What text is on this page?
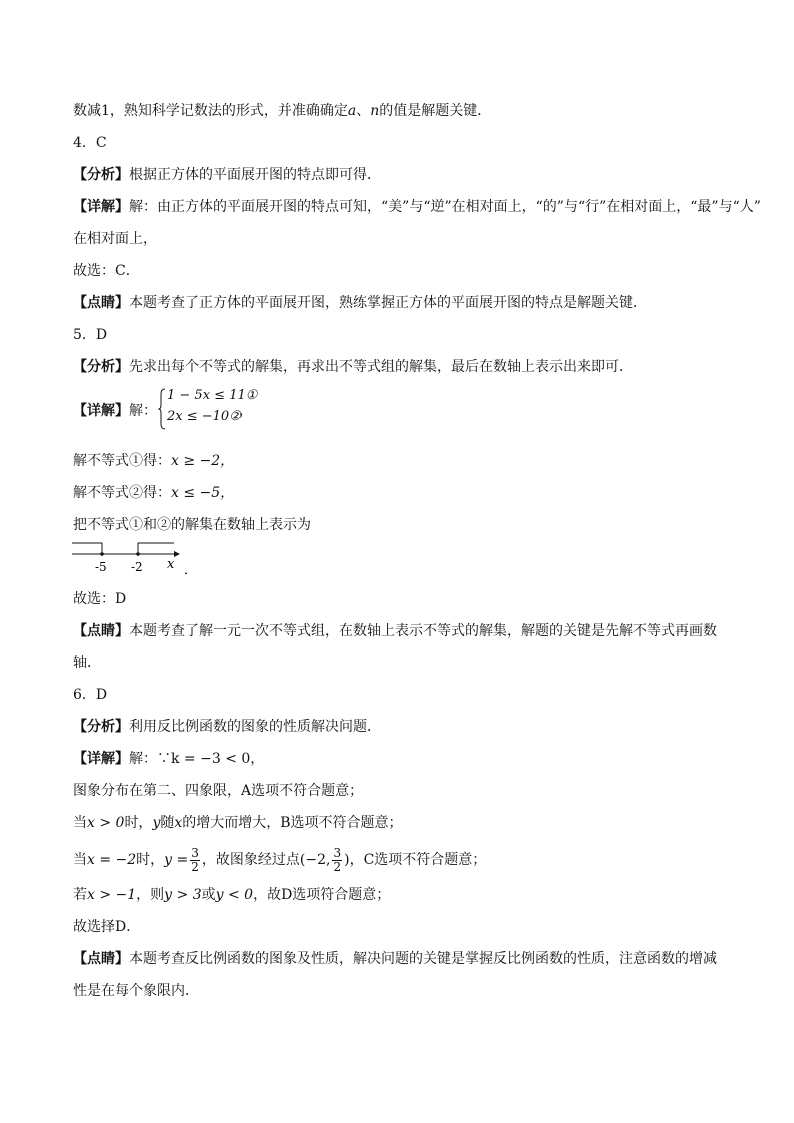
数减1，熟知科学记数法的形式，并准确确定a、n的值是解题关键．
4．C
【分析】根据正方体的平面展开图的特点即可得．
【详解】解：由正方体的平面展开图的特点可知，“美”与“逆”在相对面上，“的”与“行”在相对面上，“最”与“人”
在相对面上，
故选：C．
【点睛】本题考查了正方体的平面展开图，熟练掌握正方体的平面展开图的特点是解题关键．
5．D
【分析】先求出每个不等式的解集，再求出不等式组的解集，最后在数轴上表示出来即可．
【详解】解：
1 − 5x ≤ 11①
2x ≤ −10②
，
解不等式①得：x ≥ −2，
解不等式②得：x ≤ −5，
把不等式①和②的解集在数轴上表示为
-5 -2 x ．
故选：D
【点睛】本题考查了解一元一次不等式组，在数轴上表示不等式的解集，解题的关键是先解不等式再画数
轴．
6．D
【分析】利用反比例函数的图象的性质解决问题．
【详解】解：∵k = −3 < 0，
图象分布在第二、四象限，A选项不符合题意；
当x > 0时，y随x的增大而增大，B选项不符合题意；
当x = −2时，$y = \frac{3}{2}$ ，故图象经过点(−2, $\frac{3}{2}$ )，C选项不符合题意；
若x > −1，则y > 3或y < 0，故D选项符合题意；
故选择D．
【点睛】本题考查反比例函数的图象及性质，解决问题的关键是掌握反比例函数的性质，注意函数的增减
性是在每个象限内．
